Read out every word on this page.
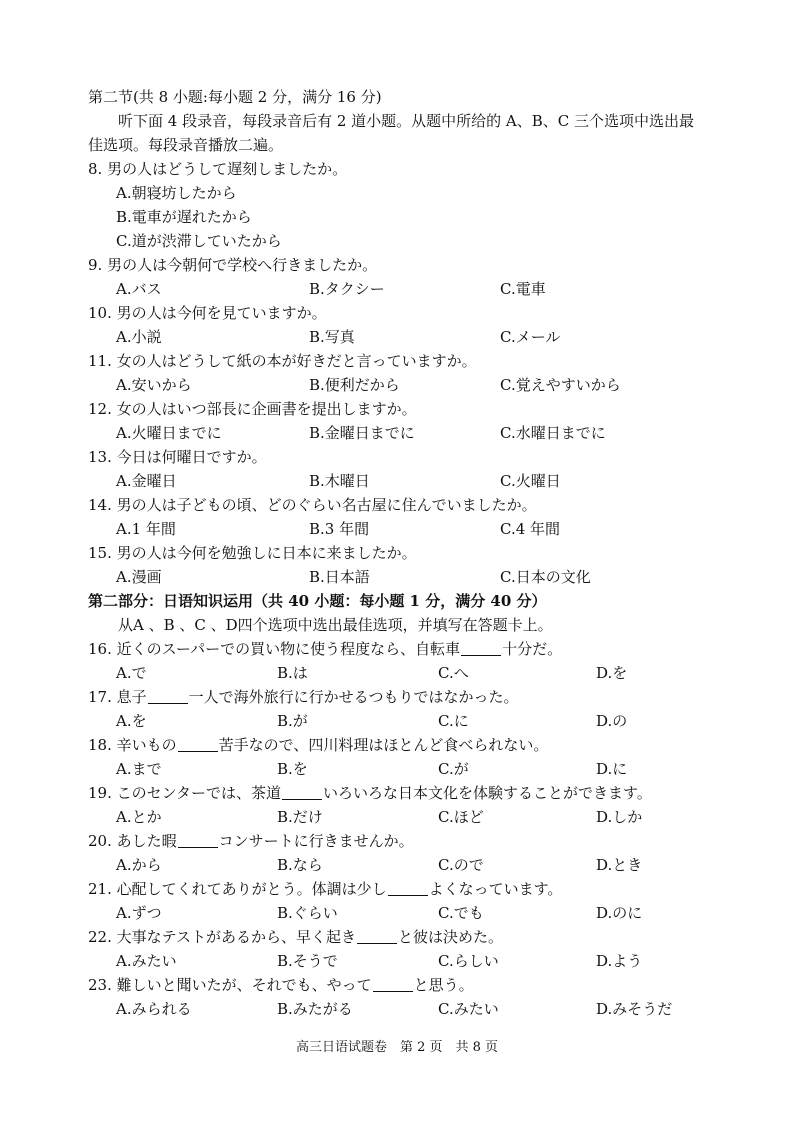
第二节(共 8 小题:每小题 2 分，满分 16 分)
听下面 4 段录音，每段录音后有 2 道小题。从题中所给的 A、B、C 三个选项中选出最
佳选项。每段录音播放二遍。
8. 男の人はどうして遅刻しましたか。
A.朝寝坊したから
B.電車が遅れたから
C.道が渋滞していたから
9. 男の人は今朝何で学校へ行きましたか。
A.バス	B.タクシー	C.電車
10. 男の人は今何を見ていますか。
A.小説	B.写真	C.メール
11. 女の人はどうして紙の本が好きだと言っていますか。
A.安いから	B.便利だから	C.覚えやすいから
12. 女の人はいつ部長に企画書を提出しますか。
A.火曜日までに	B.金曜日までに	C.水曜日までに
13. 今日は何曜日ですか。
A.金曜日	B.木曜日	C.火曜日
14. 男の人は子どもの頃、どのぐらい名古屋に住んでいましたか。
A.1 年間	B.3 年間	C.4 年間
15. 男の人は今何を勉強しに日本に来ましたか。
A.漫画	B.日本語	C.日本の文化
第二部分：日语知识运用（共 40 小题：每小题 1 分，满分 40 分）
从A 、B 、C 、D四个选项中选出最佳选项，并填写在答题卡上。
16. 近くのスーパーでの買い物に使う程度なら、自転車	十分だ。
A.で	B.は	C.へ	D.を
17. 息子	一人で海外旅行に行かせるつもりではなかった。
A.を	B.が	C.に	D.の
18. 辛いもの	苦手なので、四川料理はほとんど食べられない。
A.まで	B.を	C.が	D.に
19. このセンターでは、茶道	いろいろな日本文化を体験することができます。
A.とか	B.だけ	C.ほど	D.しか
20. あした暇	コンサートに行きませんか。
A.から	B.なら	C.ので	D.とき
21. 心配してくれてありがとう。体調は少し	よくなっています。
A.ずつ	B.ぐらい	C.でも	D.のに
22. 大事なテストがあるから、早く起き	と彼は決めた。
A.みたい	B.そうで	C.らしい	D.よう
23. 難しいと聞いたが、それでも、やって	と思う。
A.みられる	B.みたがる	C.みたい	D.みそうだ
高三日语试题卷　第 2 页　共 8 页
